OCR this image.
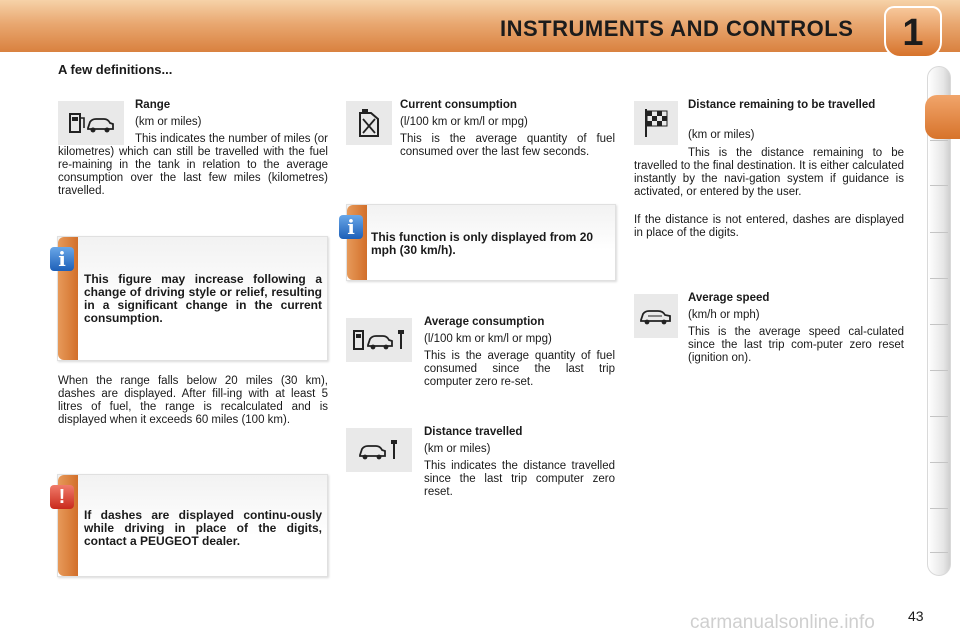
INSTRUMENTS AND CONTROLS	1
A few definitions...
Range
(km or miles)
This indicates the number of miles (or kilometres) which can still be travelled with the fuel re-maining in the tank in relation to the average consumption over the last few miles (kilometres) travelled.
i
This figure may increase following a change of driving style or relief, resulting in a significant change in the current consumption.
When the range falls below 20 miles (30 km), dashes are displayed. After fill-ing with at least 5 litres of fuel, the range is recalculated and is displayed when it exceeds 60 miles (100 km).
!
If dashes are displayed continu-ously while driving in place of the digits, contact a PEUGEOT dealer.
Current consumption
(l/100 km or km/l or mpg)
This is the average quantity of fuel consumed over the last few seconds.
i	This function is only displayed from 20 mph (30 km/h).
Average consumption
(l/100 km or km/l or mpg)
This is the average quantity of fuel consumed since the last trip computer zero re-set.
Distance travelled
(km or miles)
This indicates the distance travelled since the last trip computer zero reset.
Distance remaining to be travelled
(km or miles)
This is the distance remaining to be travelled to the final destination. It is either calculated instantly by the navi-gation system if guidance is activated, or entered by the user.
If the distance is not entered, dashes are displayed in place of the digits.
Average speed
(km/h or mph)
This is the average speed cal-culated since the last trip com-puter zero reset (ignition on).
carmanualsonline.info 43
